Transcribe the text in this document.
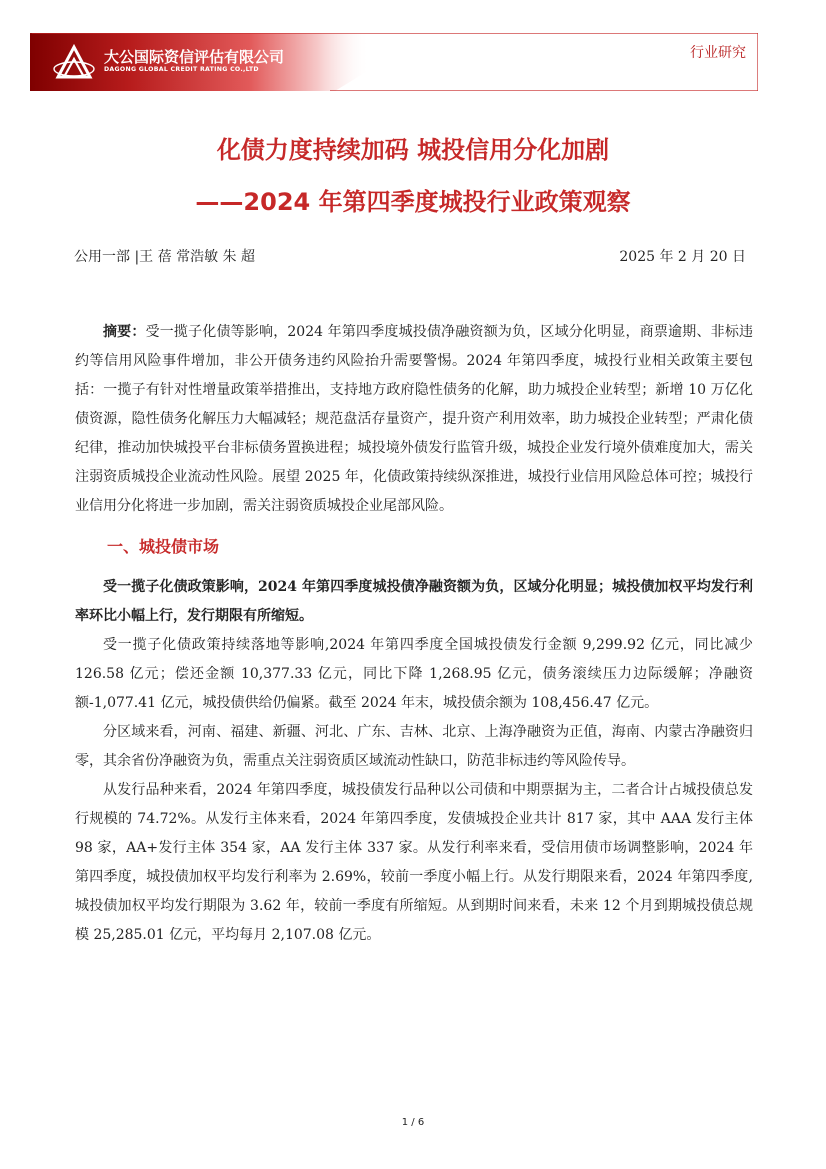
大公国际资信评估有限公司
DAGONG GLOBAL CREDIT RATING CO.,LTD
行业研究
化债力度持续加码 城投信用分化加剧
——2024 年第四季度城投行业政策观察
公用一部 |王 蓓 常浩敏 朱 超	2025 年 2 月 20 日

摘要：受一揽子化债等影响，2024 年第四季度城投债净融资额为负，区域分化明显，商票逾期、非标违约等信用风险事件增加，非公开债务违约风险抬升需要警惕。2024 年第四季度，城投行业相关政策主要包括：一揽子有针对性增量政策举措推出，支持地方政府隐性债务的化解，助力城投企业转型；新增 10 万亿化债资源，隐性债务化解压力大幅减轻；规范盘活存量资产，提升资产利用效率，助力城投企业转型；严肃化债纪律，推动加快城投平台非标债务置换进程；城投境外债发行监管升级，城投企业发行境外债难度加大，需关注弱资质城投企业流动性风险。展望 2025 年，化债政策持续纵深推进，城投行业信用风险总体可控；城投行业信用分化将进一步加剧，需关注弱资质城投企业尾部风险。

一、城投债市场

受一揽子化债政策影响，2024 年第四季度城投债净融资额为负，区域分化明显；城投债加权平均发行利率环比小幅上行，发行期限有所缩短。

受一揽子化债政策持续落地等影响,2024 年第四季度全国城投债发行金额 9,299.92 亿元，同比减少 126.58 亿元；偿还金额 10,377.33 亿元，同比下降 1,268.95 亿元，债务滚续压力边际缓解；净融资额-1,077.41 亿元，城投债供给仍偏紧。截至 2024 年末，城投债余额为 108,456.47 亿元。

分区域来看，河南、福建、新疆、河北、广东、吉林、北京、上海净融资为正值，海南、内蒙古净融资归零，其余省份净融资为负，需重点关注弱资质区域流动性缺口，防范非标违约等风险传导。

从发行品种来看，2024 年第四季度，城投债发行品种以公司债和中期票据为主，二者合计占城投债总发行规模的 74.72%。从发行主体来看，2024 年第四季度，发债城投企业共计 817 家，其中 AAA 发行主体 98 家，AA+发行主体 354 家，AA 发行主体 337 家。从发行利率来看，受信用债市场调整影响，2024 年第四季度，城投债加权平均发行利率为 2.69%，较前一季度小幅上行。从发行期限来看，2024 年第四季度,城投债加权平均发行期限为 3.62 年，较前一季度有所缩短。从到期时间来看，未来 12 个月到期城投债总规模 25,285.01 亿元，平均每月 2,107.08 亿元。

1 / 6
